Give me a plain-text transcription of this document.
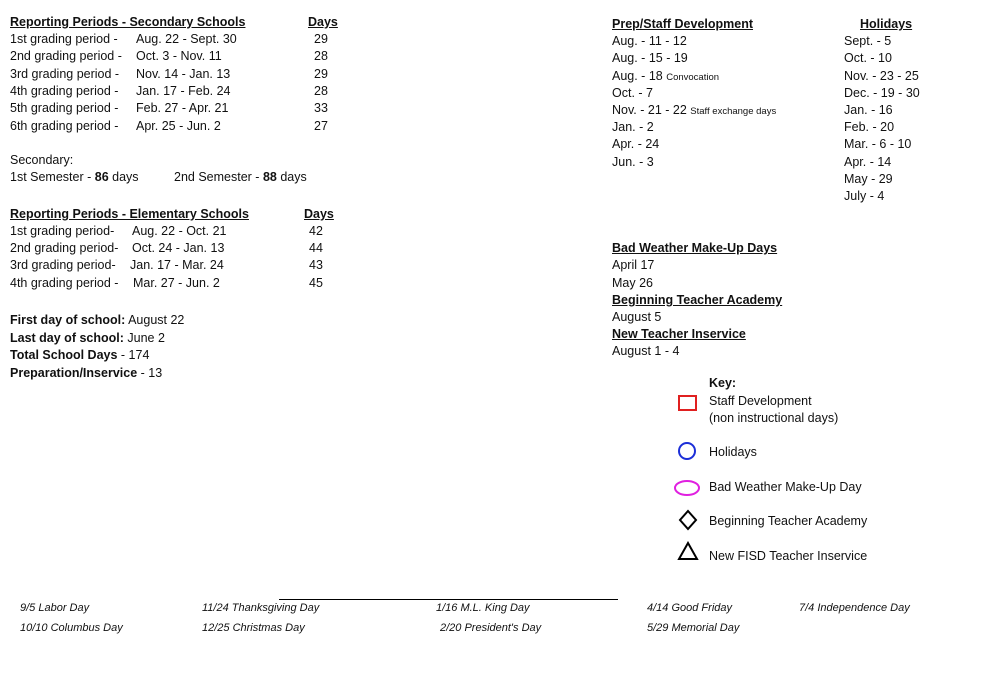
Reporting Periods - Secondary Schools	Days
1st grading period - Aug. 22 - Sept. 30	29
2nd grading period - Oct. 3 - Nov. 11	28
3rd grading period - Nov. 14 - Jan. 13	29
4th grading period - Jan. 17 - Feb. 24	28
5th grading period - Feb. 27 - Apr. 21	33
6th grading period - Apr. 25 - Jun. 2	27
Secondary:
1st Semester - 86 days	2nd Semester - 88 days
Reporting Periods - Elementary Schools	Days
1st grading period- Aug. 22 - Oct. 21	42
2nd grading period- Oct. 24 - Jan. 13	44
3rd grading period- Jan. 17 - Mar. 24	43
4th grading period - Mar. 27 - Jun. 2	45
First day of school: August 22
Last day of school: June 2
Total School Days - 174
Preparation/Inservice - 13
Prep/Staff Development
Aug. - 11 - 12
Aug. - 15 - 19
Aug. - 18 Convocation
Oct. - 7
Nov. - 21 - 22 Staff exchange days
Jan. - 2
Apr. - 24
Jun. - 3
Holidays
Sept. - 5
Oct. - 10
Nov. - 23 - 25
Dec. - 19 - 30
Jan. - 16
Feb. - 20
Mar. - 6 - 10
Apr. - 14
May - 29
July - 4
Bad Weather Make-Up Days
April 17
May 26
Beginning Teacher Academy
August 5
New Teacher Inservice
August 1 - 4
Key:
Staff Development
(non instructional days)
Holidays
Bad Weather Make-Up Day
Beginning Teacher Academy
New FISD Teacher Inservice
9/5 Labor Day
10/10 Columbus Day
11/24 Thanksgiving Day
12/25 Christmas Day
1/16 M.L. King Day
2/20 President's Day
4/14 Good Friday
5/29 Memorial Day
7/4 Independence Day
